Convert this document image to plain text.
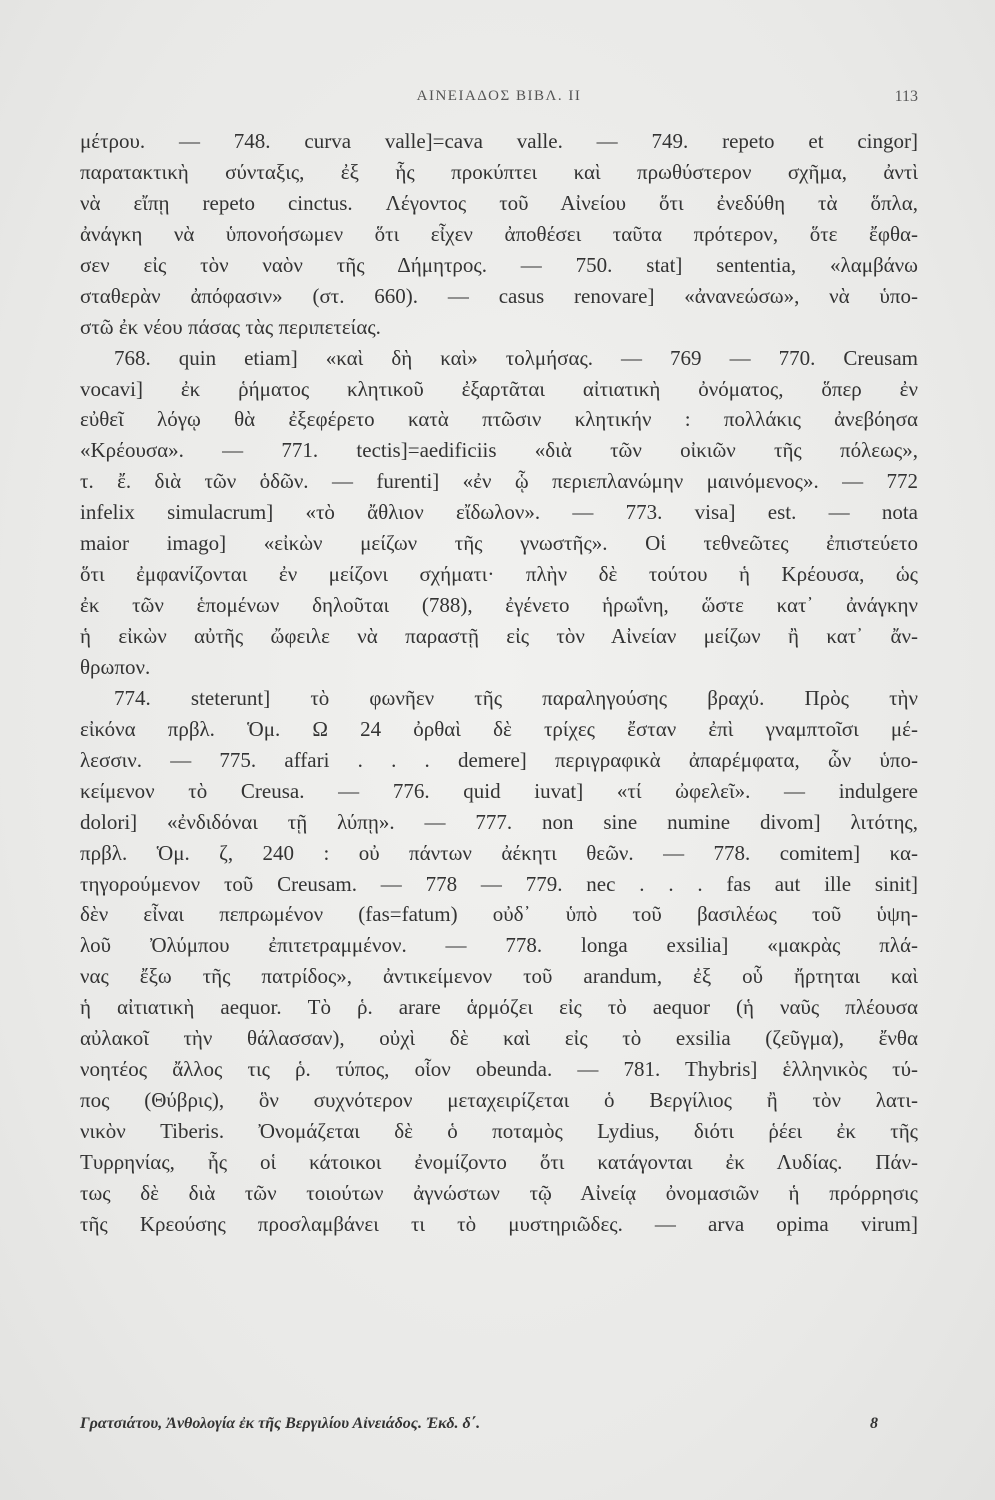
ΑΙΝΕΙΑΔΟΣ ΒΙΒΛ. ΙΙ	113
μέτρου. — 748. curva valle]=cava valle. — 749. repeto et cingor]
παρατακτικὴ σύνταξις, ἐξ ἧς προκύπτει καὶ πρωθύστερον σχῆμα, ἀντὶ
νὰ εἴπῃ repeto cinctus. Λέγοντος τοῦ Αἰνείου ὅτι ἐνεδύθη τὰ ὅπλα,
ἀνάγκη νὰ ὑπονοήσωμεν ὅτι εἶχεν ἀποθέσει ταῦτα πρότερον, ὅτε ἔφθα-
σεν εἰς τὸν ναὸν τῆς Δήμητρος. — 750. stat] sententia, «λαμβάνω
σταθερὰν ἀπόφασιν» (στ. 660). — casus renovare] «ἀνανεώσω», νὰ ὑπο-
στῶ ἐκ νέου πάσας τὰς περιπετείας.
768. quin etiam] «καὶ δὴ καὶ» τολμήσας. — 769 — 770. Creusam
vocavi] ἐκ ῥήματος κλητικοῦ ἐξαρτᾶται αἰτιατικὴ ὀνόματος, ὅπερ ἐν
εὐθεῖ λόγῳ θὰ ἐξεφέρετο κατὰ πτῶσιν κλητικήν : πολλάκις ἀνεβόησα
«Κρέουσα». — 771. tectis]=aedificiis «διὰ τῶν οἰκιῶν τῆς πόλεως»,
τ. ἔ. διὰ τῶν ὁδῶν. — furenti] «ἐν ᾧ περιεπλανώμην μαινόμενος». — 772
infelix simulacrum] «τὸ ἄθλιον εἴδωλον». — 773. visa] est. — nota
maior imago] «εἰκὼν μείζων τῆς γνωστῆς». Οἱ τεθνεῶτες ἐπιστεύετο
ὅτι ἐμφανίζονται ἐν μείζονι σχήματι· πλὴν δὲ τούτου ἡ Κρέουσα, ὡς
ἐκ τῶν ἑπομένων δηλοῦται (788), ἐγένετο ἡρωΐνη, ὥστε κατ᾽ ἀνάγκην
ἡ εἰκὼν αὐτῆς ὤφειλε νὰ παραστῇ εἰς τὸν Αἰνείαν μείζων ἢ κατ᾽ ἄν-
θρωπον.
774. steterunt] τὸ φωνῆεν τῆς παραληγούσης βραχύ. Πρὸς τὴν
εἰκόνα πρβλ. Ὁμ. Ω 24 ὀρθαὶ δὲ τρίχες ἔσταν ἐπὶ γναμπτοῖσι μέ-
λεσσιν. — 775. affari . . . demere] περιγραφικὰ ἀπαρέμφατα, ὧν ὑπο-
κείμενον τὸ Creusa. — 776. quid iuvat] «τί ὠφελεῖ». — indulgere
dolori] «ἐνδιδόναι τῇ λύπῃ». — 777. non sine numine divom] λιτότης,
πρβλ. Ὁμ. ζ, 240 : οὐ πάντων ἀέκητι θεῶν. — 778. comitem] κα-
τηγορούμενον τοῦ Creusam. — 778 — 779. nec . . . fas aut ille sinit]
δὲν εἶναι πεπρωμένον (fas=fatum) οὐδ᾽ ὑπὸ τοῦ βασιλέως τοῦ ὑψη-
λοῦ Ὀλύμπου ἐπιτετραμμένον. — 778. longa exsilia] «μακρὰς πλά-
νας ἔξω τῆς πατρίδος», ἀντικείμενον τοῦ arandum, ἐξ οὗ ἤρτηται καὶ
ἡ αἰτιατικὴ aequor. Τὸ ῥ. arare ἁρμόζει εἰς τὸ aequor (ἡ ναῦς πλέουσα
αὐλακοῖ τὴν θάλασσαν), οὐχὶ δὲ καὶ εἰς τὸ exsilia (ζεῦγμα), ἔνθα
νοητέος ἄλλος τις ῥ. τύπος, οἷον obeunda. — 781. Thybris] ἑλληνικὸς τύ-
πος (Θύβρις), ὃν συχνότερον μεταχειρίζεται ὁ Βεργίλιος ἢ τὸν λατι-
νικὸν Tiberis. Ὀνομάζεται δὲ ὁ ποταμὸς Lydius, διότι ῥέει ἐκ τῆς
Τυρρηνίας, ἧς οἱ κάτοικοι ἐνομίζοντο ὅτι κατάγονται ἐκ Λυδίας. Πάν-
τως δὲ διὰ τῶν τοιούτων ἀγνώστων τῷ Αἰνείᾳ ὀνομασιῶν ἡ πρόρρησις
τῆς Κρεούσης προσλαμβάνει τι τὸ μυστηριῶδες. — arva opima virum]
Γρατσιάτου, Ἀνθολογία ἐκ τῆς Βεργιλίου Αἰνειάδος. Ἐκδ. δ΄.	8
